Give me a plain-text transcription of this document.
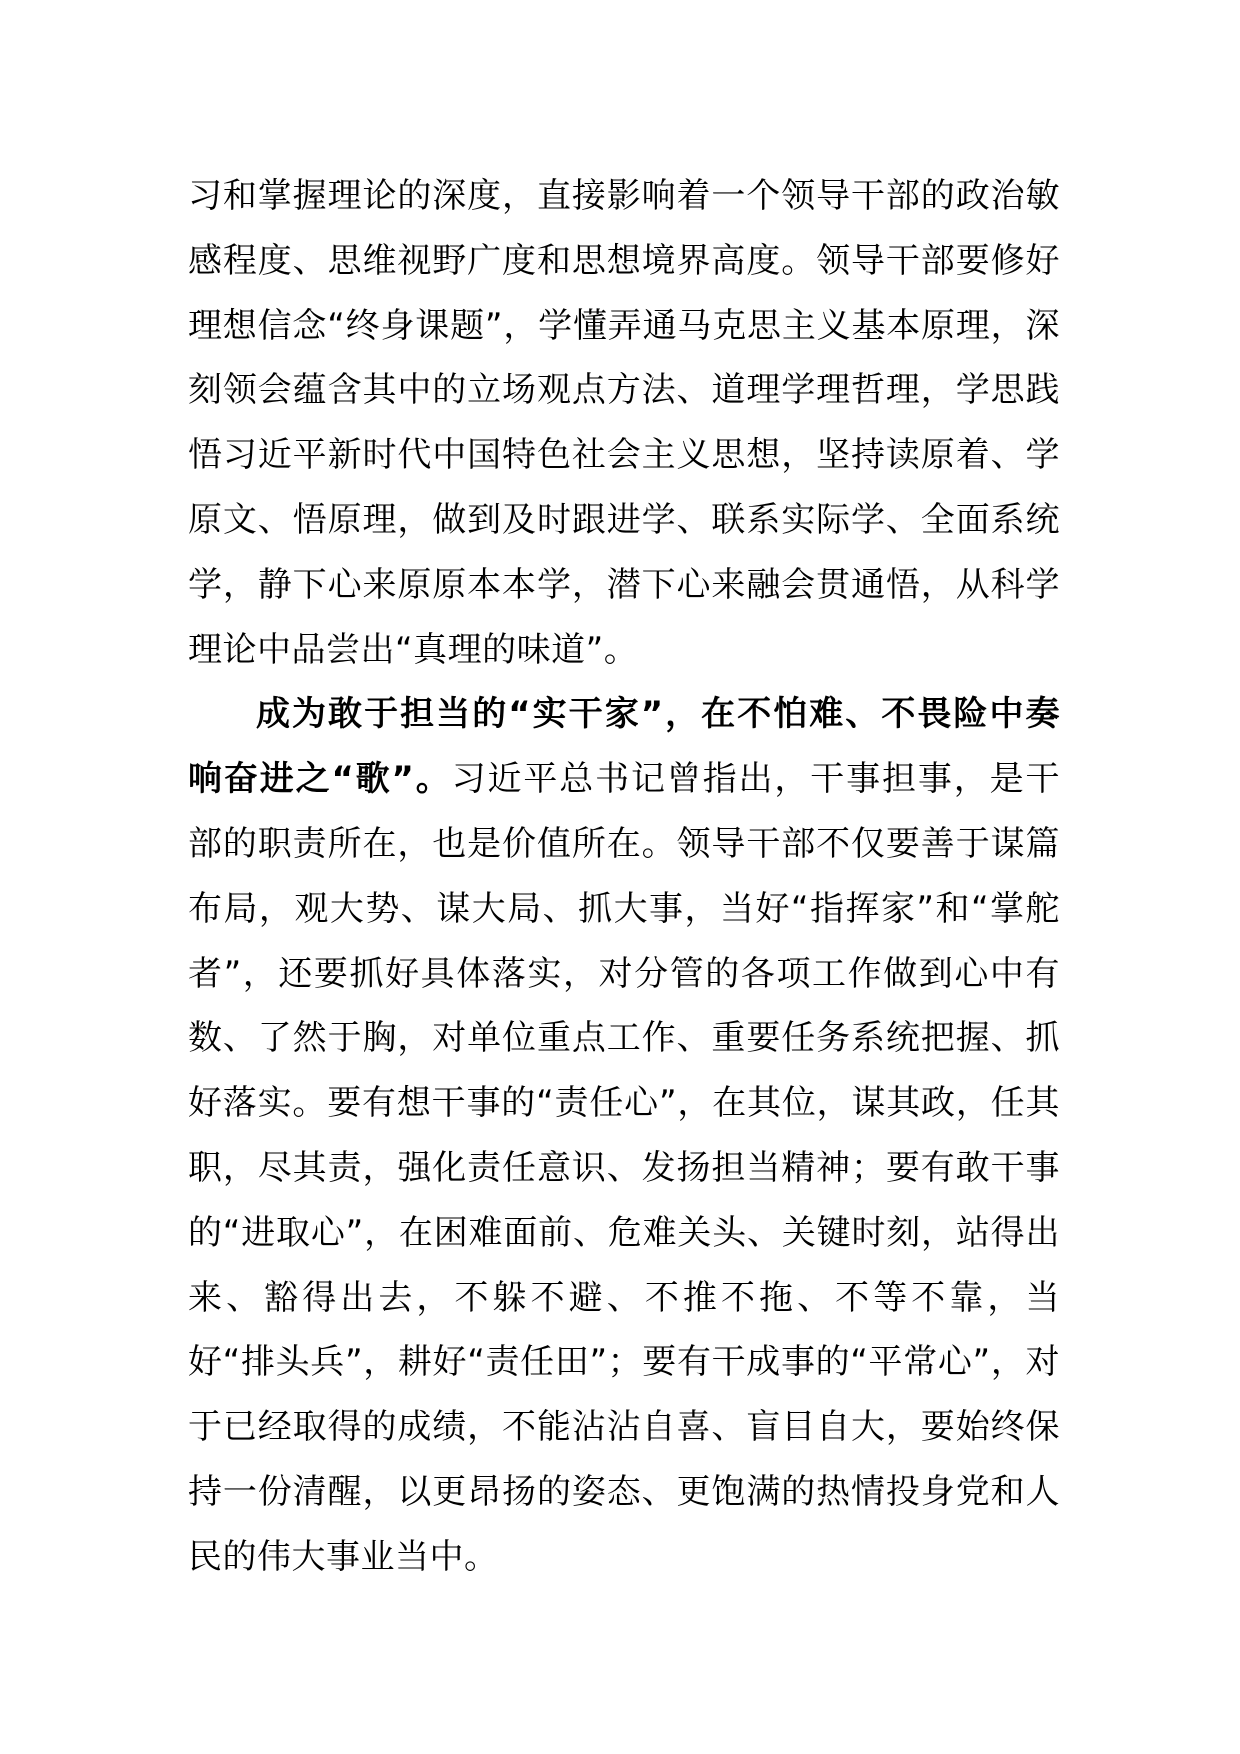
习和掌握理论的深度，直接影响着一个领导干部的政治敏感程度、思维视野广度和思想境界高度。领导干部要修好理想信念“终身课题”，学懂弄通马克思主义基本原理，深刻领会蕴含其中的立场观点方法、道理学理哲理，学思践悟习近平新时代中国特色社会主义思想，坚持读原着、学原文、悟原理，做到及时跟进学、联系实际学、全面系统学，静下心来原原本本学，潜下心来融会贯通悟，从科学理论中品尝出“真理的味道”。

成为敢于担当的“实干家”，在不怕难、不畏险中奏响奋进之“歌”。习近平总书记曾指出，干事担事，是干部的职责所在，也是价值所在。领导干部不仅要善于谋篇布局，观大势、谋大局、抓大事，当好“指挥家”和“掌舵者”，还要抓好具体落实，对分管的各项工作做到心中有数、了然于胸，对单位重点工作、重要任务系统把握、抓好落实。要有想干事的“责任心”，在其位，谋其政，任其职，尽其责，强化责任意识、发扬担当精神；要有敢干事的“进取心”，在困难面前、危难关头、关键时刻，站得出来、豁得出去，不躲不避、不推不拖、不等不靠，当好“排头兵”，耕好“责任田”；要有干成事的“平常心”，对于已经取得的成绩，不能沾沾自喜、盲目自大，要始终保持一份清醒，以更昂扬的姿态、更饱满的热情投身党和人民的伟大事业当中。
